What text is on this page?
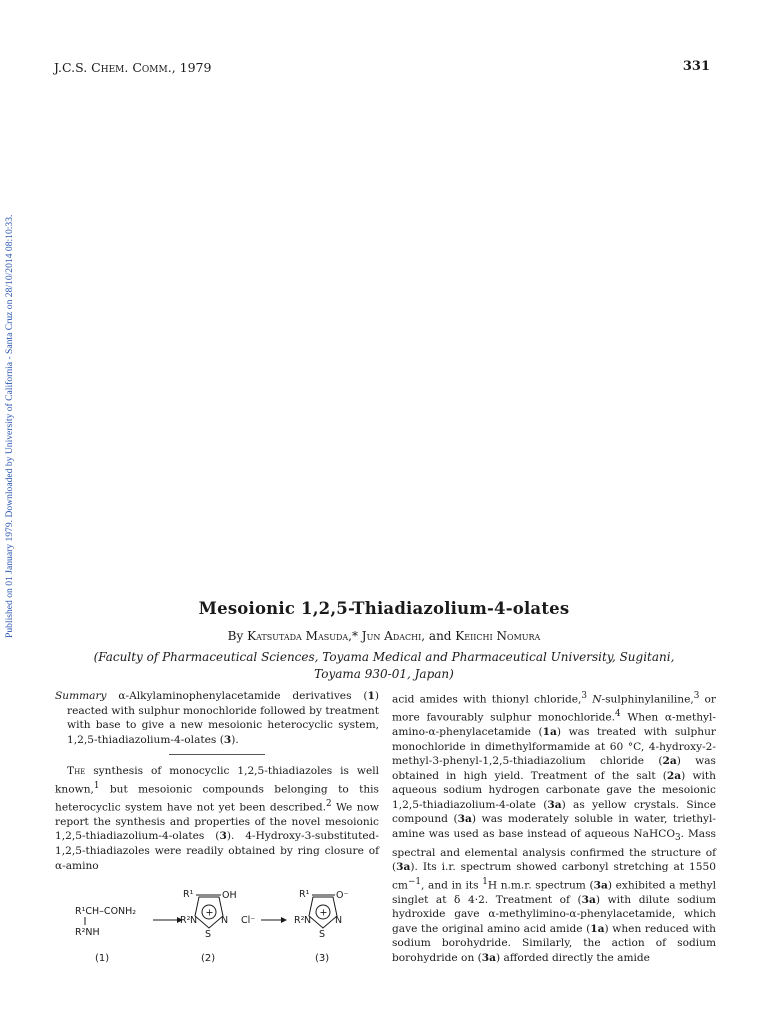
Published on 01 January 1979. Downloaded by University of California - Santa Cruz on 28/10/2014 08:10:33.
J.C.S. Chem. Comm., 1979	331
Mesoionic 1,2,5-Thiadiazolium-4-olates
By Katsutada Masuda,* Jun Adachi, and Keiichi Nomura
(Faculty of Pharmaceutical Sciences, Toyama Medical and Pharmaceutical University, Sugitani,
Toyama 930-01, Japan)

Summary α-Alkylaminophenylacetamide derivatives (1) reacted with sulphur monochloride followed by treatment with base to give a new mesoionic heterocyclic system, 1,2,5-thiadiazolium-4-olates (3).

The synthesis of monocyclic 1,2,5-thiadiazoles is well known,$^1$ but mesoionic compounds belonging to this heterocyclic system have not yet been described.$^2$ We now report the synthesis and properties of the novel mesoionic 1,2,5-thiadiazolium-4-olates (3). 4-Hydroxy-3-substituted-1,2,5-thiadiazoles were readily obtained by ring closure of α-amino

R¹CH–CONH₂
R²NH
R¹	OH
+
R² N	N
S
Cl⁻
R¹	O⁻
+
R² N	N
S
(1)	(2)	(3)

acid amides with thionyl chloride,$^3$ N-sulphinylaniline,$^3$ or more favourably sulphur monochloride.$^4$ When α-methyl-amino-α-phenylacetamide (1a) was treated with sulphur monochloride in dimethylformamide at 60 °C, 4-hydroxy-2-methyl-3-phenyl-1,2,5-thiadiazolium chloride (2a) was obtained in high yield. Treatment of the salt (2a) with aqueous sodium hydrogen carbonate gave the mesoionic 1,2,5-thiadiazolium-4-olate (3a) as yellow crystals. Since compound (3a) was moderately soluble in water, triethyl-amine was used as base instead of aqueous NaHCO$_3$. Mass spectral and elemental analysis confirmed the structure of (3a). Its i.r. spectrum showed carbonyl stretching at 1550 $cm^{-1}$, and in its $^1$H n.m.r. spectrum (3a) exhibited a methyl singlet at δ 4·2. Treatment of (3a) with dilute sodium hydroxide gave α-methylimino-α-phenylacetamide, which gave the original amino acid amide (1a) when reduced with sodium borohydride. Similarly, the action of sodium borohydride on (3a) afforded directly the amide
